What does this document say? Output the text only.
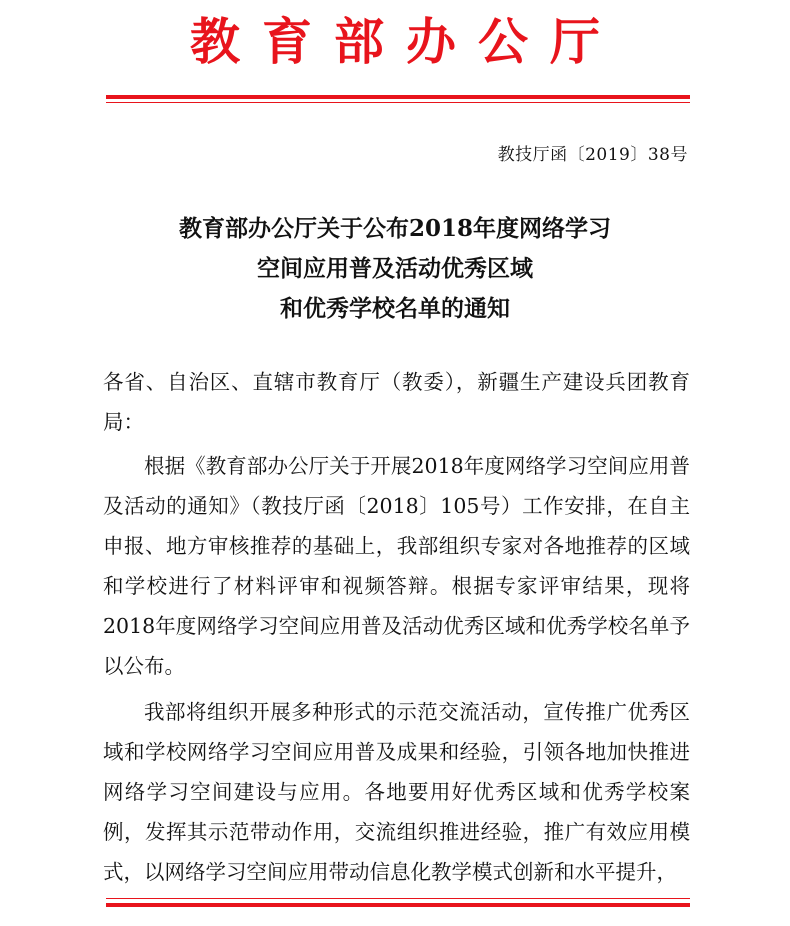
教育部办公厅
教技厅函〔2019〕38号
教育部办公厅关于公布2018年度网络学习
空间应用普及活动优秀区域
和优秀学校名单的通知

各省、自治区、直辖市教育厅（教委），新疆生产建设兵团教育局：

根据《教育部办公厅关于开展2018年度网络学习空间应用普及活动的通知》（教技厅函〔2018〕105号）工作安排，在自主申报、地方审核推荐的基础上，我部组织专家对各地推荐的区域和学校进行了材料评审和视频答辩。根据专家评审结果，现将2018年度网络学习空间应用普及活动优秀区域和优秀学校名单予以公布。

我部将组织开展多种形式的示范交流活动，宣传推广优秀区域和学校网络学习空间应用普及成果和经验，引领各地加快推进网络学习空间建设与应用。各地要用好优秀区域和优秀学校案例，发挥其示范带动作用，交流组织推进经验，推广有效应用模式，以网络学习空间应用带动信息化教学模式创新和水平提升，
